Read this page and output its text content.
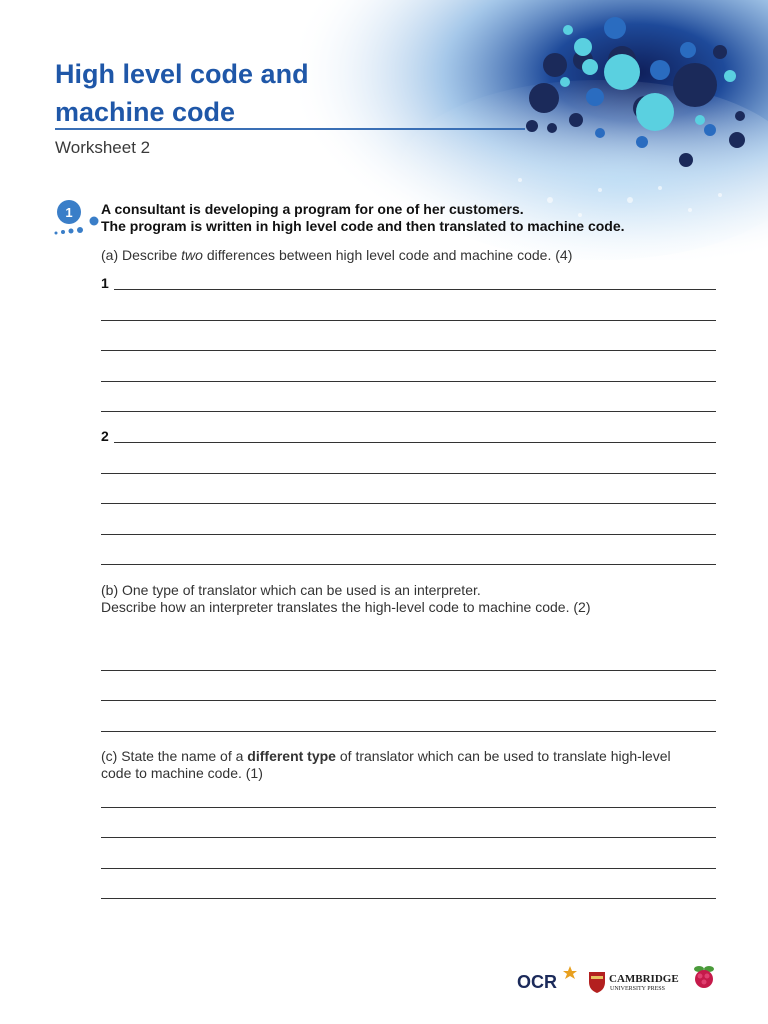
High level code and
machine code
Worksheet 2
1 A consultant is developing a program for one of her customers.
The program is written in high level code and then translated to machine code.
(a) Describe two differences between high level code and machine code. (4)
1
2
(b) One type of translator which can be used is an interpreter.
Describe how an interpreter translates the high-level code to machine code. (2)
(c) State the name of a different type of translator which can be used to translate high-level
code to machine code. (1)
OCR	CAMBRIDGE
UNIVERSITY PRESS
